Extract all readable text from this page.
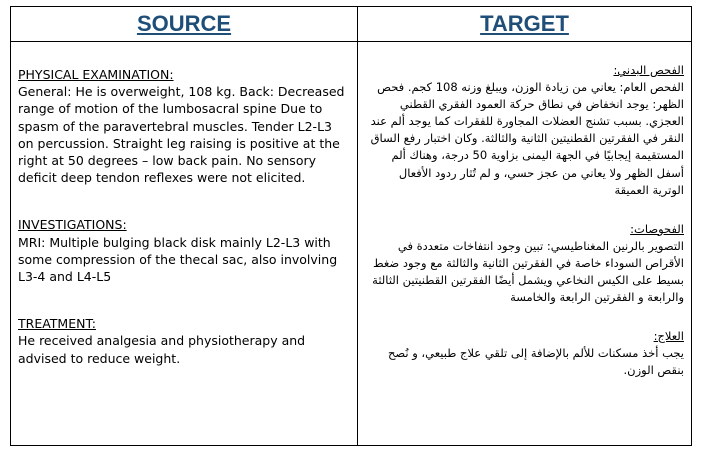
SOURCE
PHYSICAL EXAMINATION:
General: He is overweight, 108 kg. Back: Decreased range of motion of the lumbosacral spine Due to spasm of the paravertebral muscles. Tender L2-L3 on percussion. Straight leg raising is positive at the right at 50 degrees – low back pain. No sensory deficit deep tendon reflexes were not elicited.
INVESTIGATIONS:
MRI: Multiple bulging black disk mainly L2-L3 with some compression of the thecal sac, also involving L3-4 and L4-L5
TREATMENT:
He received analgesia and physiotherapy and advised to reduce weight.
TARGET
الفحص البدني:
الفحص العام: يعاني من زيادة الوزن، ويبلغ وزنه 108 كجم. فحص الظهر: يوجد انخفاض في نطاق حركة العمود الفقري القطني العجزي. بسبب تشنج العضلات المجاورة للفقرات كما يوجد ألم عند النقر في الفقرتين القطنيتين الثانية والثالثة. وكان اختبار رفع الساق المستقيمة إيجابيًا في الجهة اليمنى بزاوية 50 درجة، وهناك ألم أسفل الظهر ولا يعاني من عجز حسي، و لم تُثار ردود الأفعال الوترية العميقة
الفحوصات:
التصوير بالرنين المغناطيسي: تبين وجود انتفاخات متعددة في الأقراص السوداء خاصة في الفقرتين الثانية والثالثة مع وجود ضغط بسيط على الكيس النخاعي ويشمل أيضًا الفقرتين القطنيتين الثالثة والرابعة و الفقرتين الرابعة والخامسة
العلاج:
يجب أخذ مسكنات للألم بالإضافة إلى تلقي علاج طبيعي، و نُصح بنقص الوزن.
